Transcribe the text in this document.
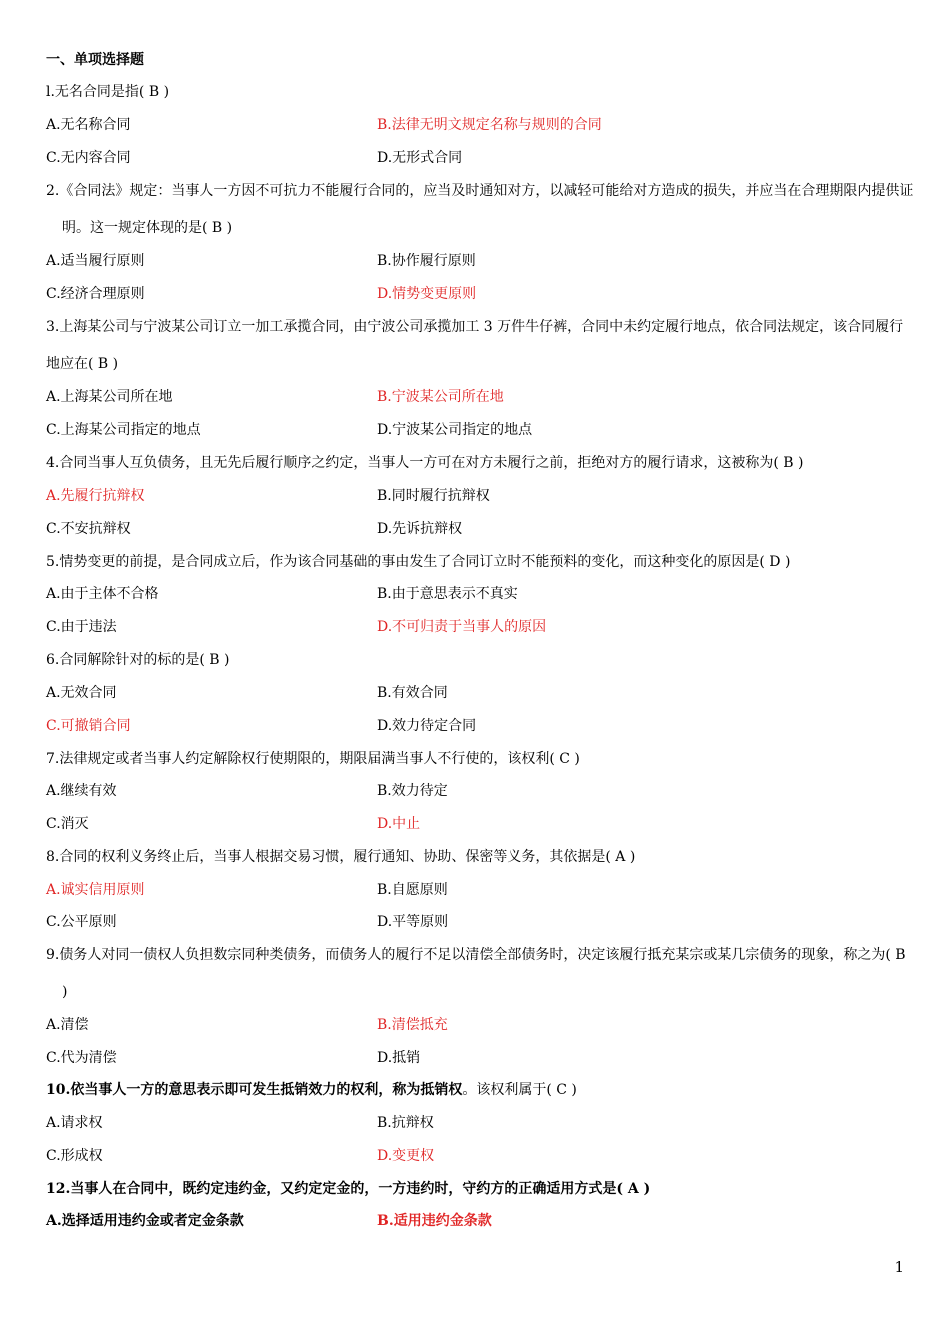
一、单项选择题
l.无名合同是指( B )
A.无名称合同	B.法律无明文规定名称与规则的合同
C.无内容合同	D.无形式合同
2.《合同法》规定：当事人一方因不可抗力不能履行合同的，应当及时通知对方，以减轻可能给对方造成的损失，并应当在合理期限内提供证
明。这一规定体现的是( B )
A.适当履行原则	B.协作履行原则
C.经济合理原则	D.情势变更原则
3.上海某公司与宁波某公司订立一加工承揽合同，由宁波公司承揽加工 3 万件牛仔裤，合同中未约定履行地点，依合同法规定，该合同履行
地应在( B )
A.上海某公司所在地	B.宁波某公司所在地
C.上海某公司指定的地点	D.宁波某公司指定的地点
4.合同当事人互负债务，且无先后履行顺序之约定，当事人一方可在对方未履行之前，拒绝对方的履行请求，这被称为( B )
A.先履行抗辩权	B.同时履行抗辩权
C.不安抗辩权	D.先诉抗辩权
5.情势变更的前提，是合同成立后，作为该合同基础的事由发生了合同订立时不能预料的变化，而这种变化的原因是( D )
A.由于主体不合格	B.由于意思表示不真实
C.由于违法	D.不可归责于当事人的原因
6.合同解除针对的标的是( B )
A.无效合同	B.有效合同
C.可撤销合同	D.效力待定合同
7.法律规定或者当事人约定解除权行使期限的，期限届满当事人不行使的，该权利( C )
A.继续有效	B.效力待定
C.消灭	D.中止
8.合同的权利义务终止后，当事人根据交易习惯，履行通知、协助、保密等义务，其依据是( A )
A.诚实信用原则	B.自愿原则
C.公平原则	D.平等原则
9.债务人对同一债权人负担数宗同种类债务，而债务人的履行不足以清偿全部债务时，决定该履行抵充某宗或某几宗债务的现象，称之为( B
)
A.清偿	B.清偿抵充
C.代为清偿	D.抵销
10.依当事人一方的意思表示即可发生抵销效力的权利，称为抵销权。该权利属于( C )
A.请求权	B.抗辩权
C.形成权	D.变更权
12.当事人在合同中，既约定违约金，又约定定金的，一方违约时，守约方的正确适用方式是( A )
A.选择适用违约金或者定金条款	B.适用违约金条款
1
